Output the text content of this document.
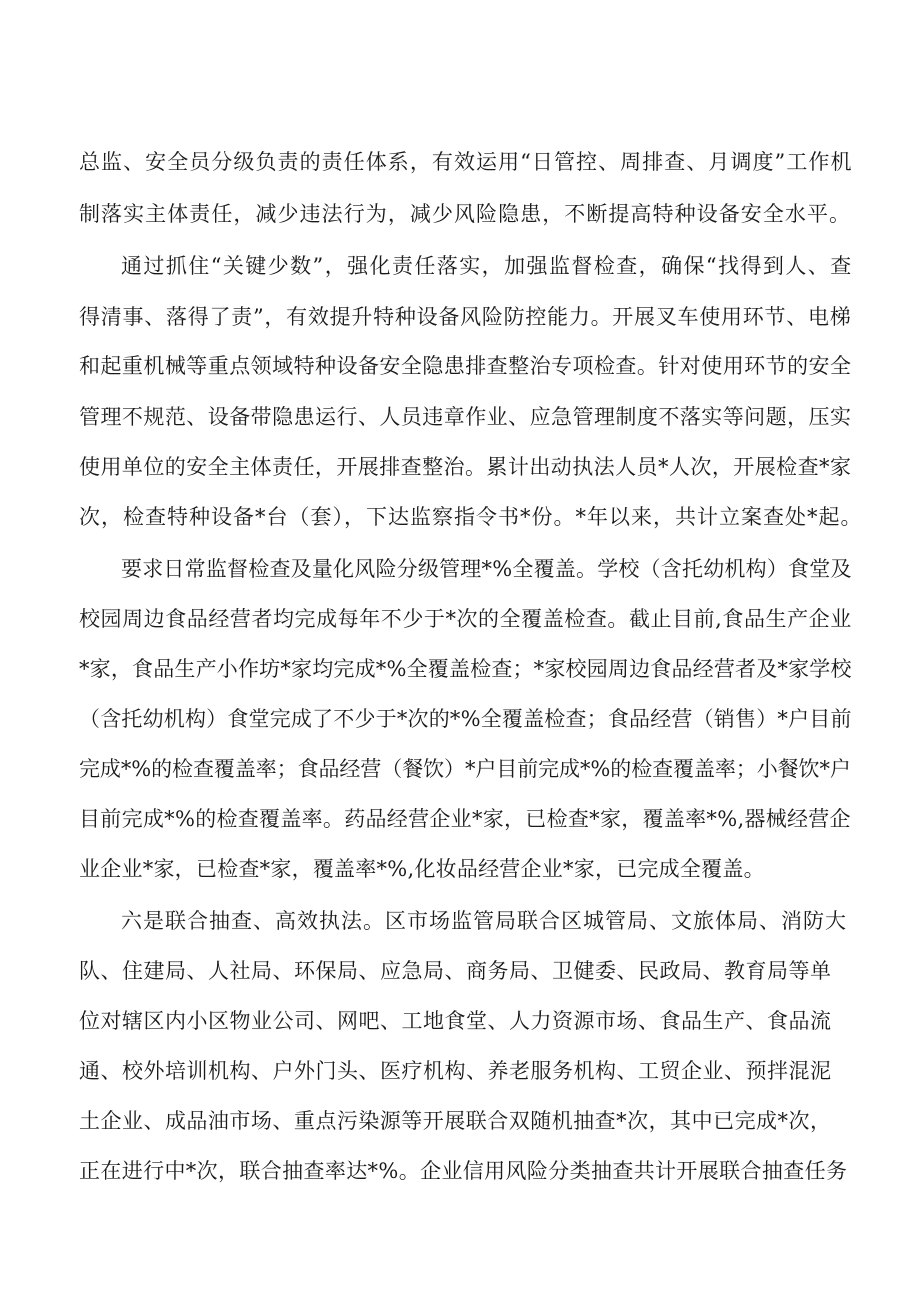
总监、安全员分级负责的责任体系，有效运用“日管控、周排查、月调度”工作机
制落实主体责任，减少违法行为，减少风险隐患，不断提高特种设备安全水平。
通过抓住“关键少数”，强化责任落实，加强监督检查，确保“找得到人、查
得清事、落得了责”，有效提升特种设备风险防控能力。开展叉车使用环节、电梯
和起重机械等重点领域特种设备安全隐患排查整治专项检查。针对使用环节的安全
管理不规范、设备带隐患运行、人员违章作业、应急管理制度不落实等问题，压实
使用单位的安全主体责任，开展排查整治。累计出动执法人员*人次，开展检查*家
次，检查特种设备*台（套），下达监察指令书*份。*年以来，共计立案查处*起。
要求日常监督检查及量化风险分级管理*%全覆盖。学校（含托幼机构）食堂及
校园周边食品经营者均完成每年不少于*次的全覆盖检查。截止目前,食品生产企业
*家，食品生产小作坊*家均完成*%全覆盖检查；*家校园周边食品经营者及*家学校
（含托幼机构）食堂完成了不少于*次的*%全覆盖检查；食品经营（销售）*户目前
完成*%的检查覆盖率；食品经营（餐饮）*户目前完成*%的检查覆盖率；小餐饮*户
目前完成*%的检查覆盖率。药品经营企业*家，已检查*家，覆盖率*%,器械经营企
业企业*家，已检查*家，覆盖率*%,化妆品经营企业*家，已完成全覆盖。
六是联合抽查、高效执法。区市场监管局联合区城管局、文旅体局、消防大
队、住建局、人社局、环保局、应急局、商务局、卫健委、民政局、教育局等单
位对辖区内小区物业公司、网吧、工地食堂、人力资源市场、食品生产、食品流
通、校外培训机构、户外门头、医疗机构、养老服务机构、工贸企业、预拌混泥
土企业、成品油市场、重点污染源等开展联合双随机抽查*次，其中已完成*次，
正在进行中*次，联合抽查率达*%。企业信用风险分类抽查共计开展联合抽查任务
